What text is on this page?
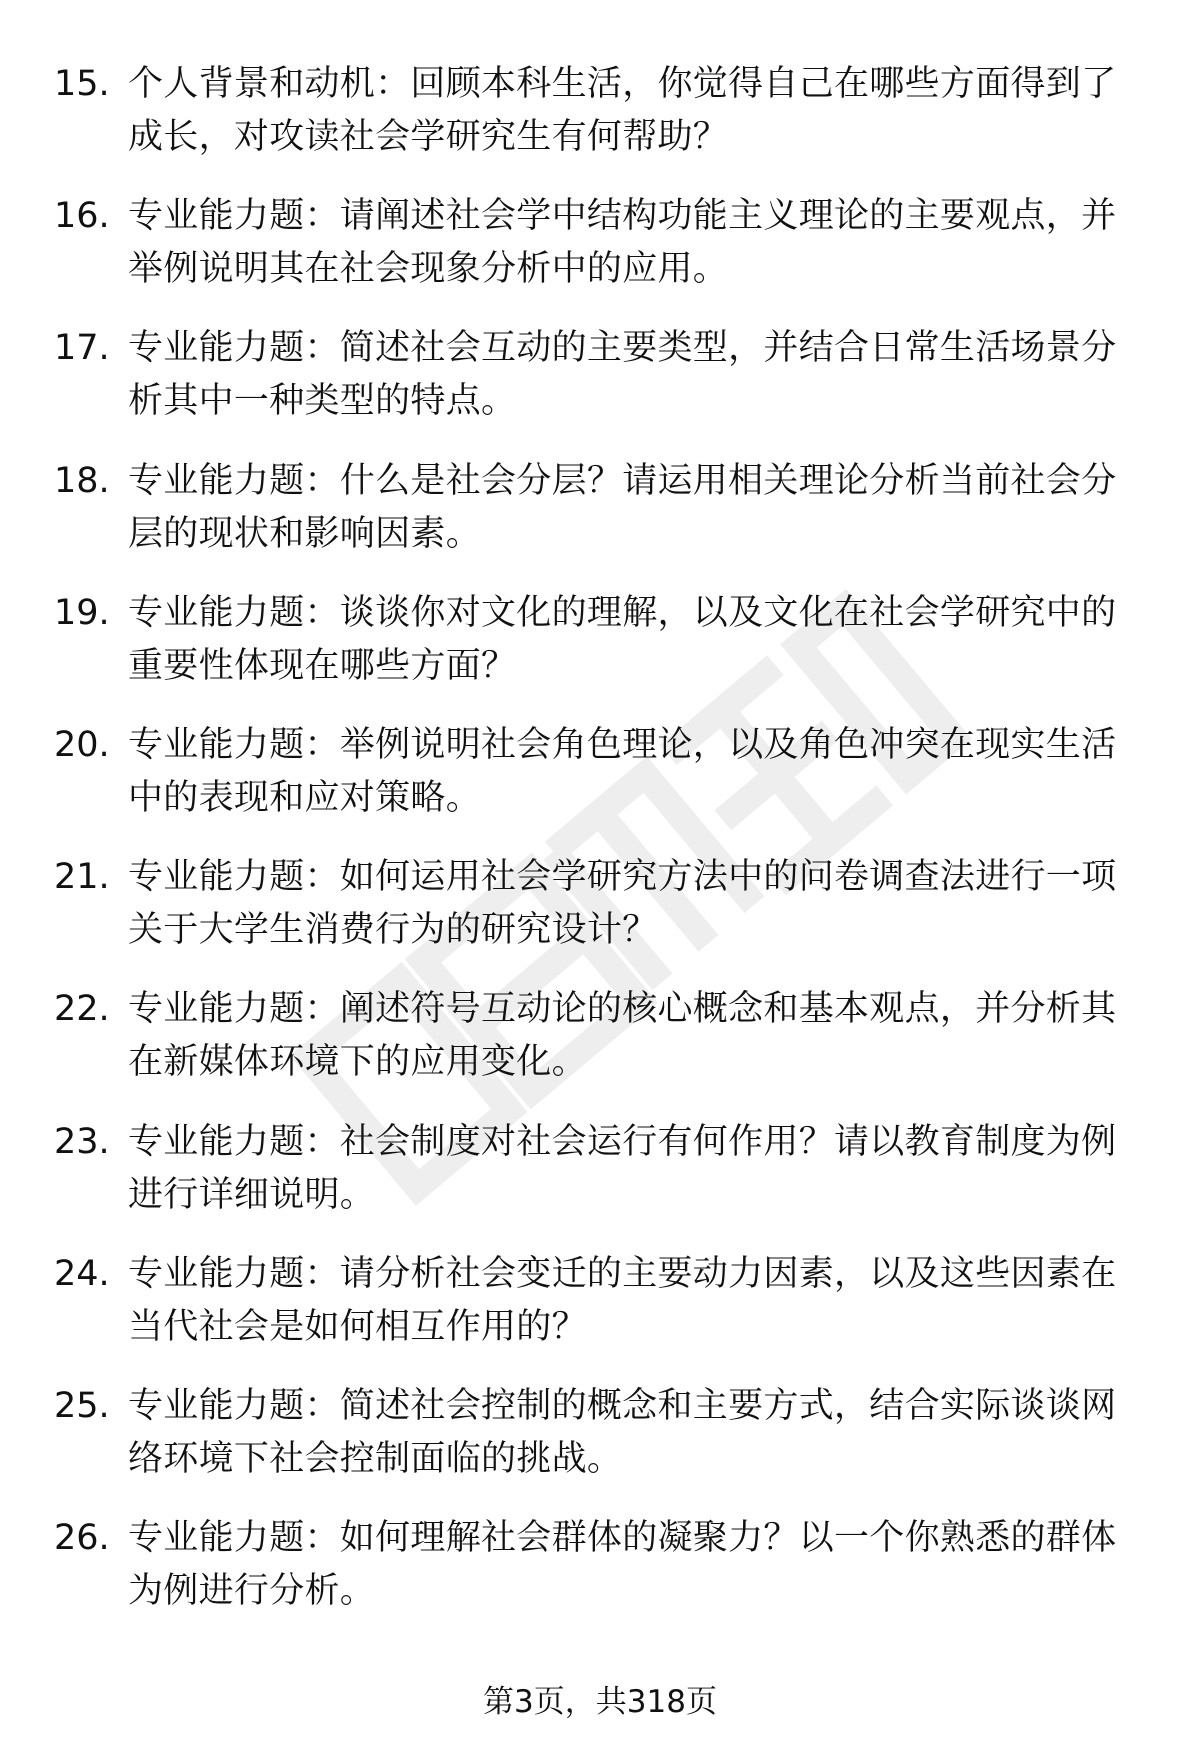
15. 个人背景和动机：回顾本科生活，你觉得自己在哪些方面得到了成长，对攻读社会学研究生有何帮助？
16. 专业能力题：请阐述社会学中结构功能主义理论的主要观点，并举例说明其在社会现象分析中的应用。
17. 专业能力题：简述社会互动的主要类型，并结合日常生活场景分析其中一种类型的特点。
18. 专业能力题：什么是社会分层？请运用相关理论分析当前社会分层的现状和影响因素。
19. 专业能力题：谈谈你对文化的理解，以及文化在社会学研究中的重要性体现在哪些方面？
20. 专业能力题：举例说明社会角色理论，以及角色冲突在现实生活中的表现和应对策略。
21. 专业能力题：如何运用社会学研究方法中的问卷调查法进行一项关于大学生消费行为的研究设计？
22. 专业能力题：阐述符号互动论的核心概念和基本观点，并分析其在新媒体环境下的应用变化。
23. 专业能力题：社会制度对社会运行有何作用？请以教育制度为例进行详细说明。
24. 专业能力题：请分析社会变迁的主要动力因素，以及这些因素在当代社会是如何相互作用的？
25. 专业能力题：简述社会控制的概念和主要方式，结合实际谈谈网络环境下社会控制面临的挑战。
26. 专业能力题：如何理解社会群体的凝聚力？以一个你熟悉的群体为例进行分析。
第3页，共318页
